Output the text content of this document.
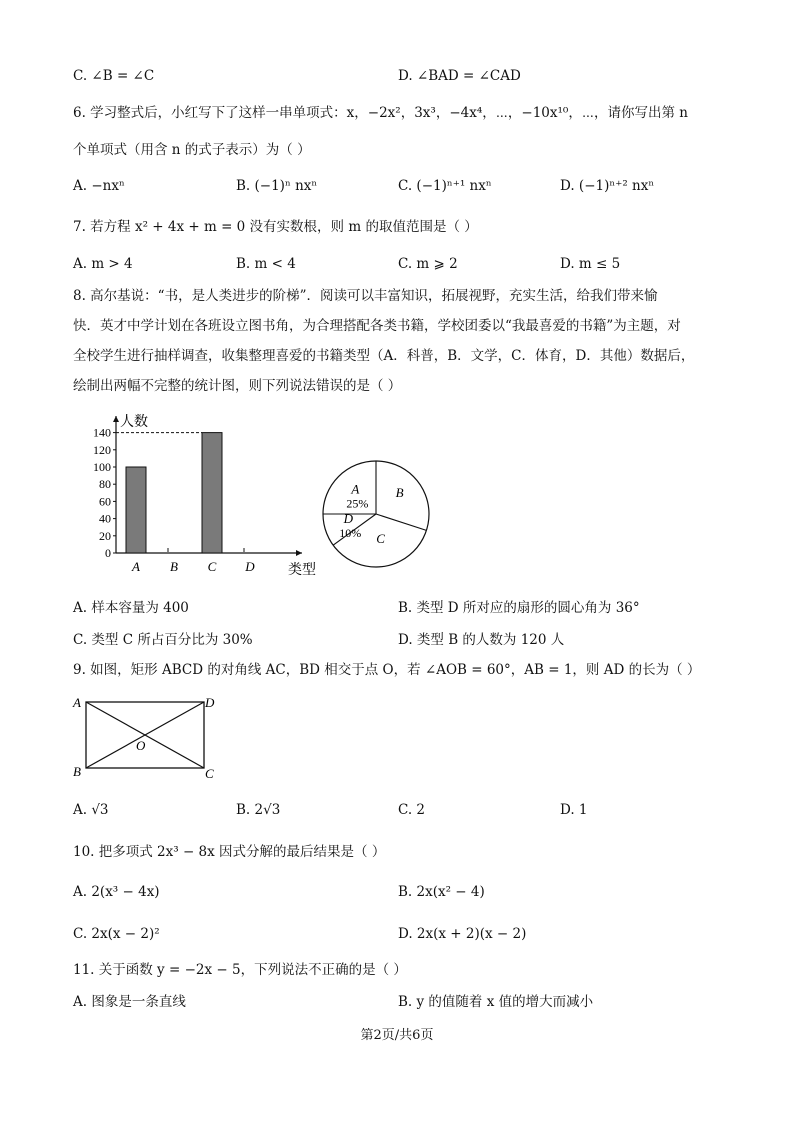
C. ∠B = ∠C	D. ∠BAD = ∠CAD
6. 学习整式后，小红写下了这样一串单项式：x，−2x²，3x³，−4x⁴，⋯，−10x¹⁰，⋯，请你写出第 n
个单项式（用含 n 的式子表示）为（ ）
A. −nxⁿ	B. (−1)ⁿ nxⁿ	C. (−1)ⁿ⁺¹ nxⁿ	D. (−1)ⁿ⁺² nxⁿ
7. 若方程 x² + 4x + m = 0 没有实数根，则 m 的取值范围是（ ）
A. m > 4	B. m < 4	C. m ⩾ 2	D. m ≤ 5
8. 高尔基说：“书，是人类进步的阶梯”．阅读可以丰富知识，拓展视野，充实生活，给我们带来愉
快．英才中学计划在各班设立图书角，为合理搭配各类书籍，学校团委以“我最喜爱的书籍”为主题，对
全校学生进行抽样调查，收集整理喜爱的书籍类型（A．科普，B．文学，C．体育，D．其他）数据后，
绘制出两幅不完整的统计图，则下列说法错误的是（ ）
人数
类型
0
20
40
60
80
100
120
140
A B C D
A
25%
B
C
D
10%
A. 样本容量为 400	B. 类型 D 所对应的扇形的圆心角为 36°
C. 类型 C 所占百分比为 30%	D. 类型 B 的人数为 120 人
9. 如图，矩形 ABCD 的对角线 AC，BD 相交于点 O，若 ∠AOB = 60°，AB = 1，则 AD 的长为（ ）
A	D
B	C
O
A. √3	B. 2√3	C. 2	D. 1
10. 把多项式 2x³ − 8x 因式分解的最后结果是（ ）
A. 2(x³ − 4x)	B. 2x(x² − 4)
C. 2x(x − 2)²	D. 2x(x + 2)(x − 2)
11. 关于函数 y = −2x − 5，下列说法不正确的是（ ）
A. 图象是一条直线	B. y 的值随着 x 值的增大而减小
第2页/共6页
